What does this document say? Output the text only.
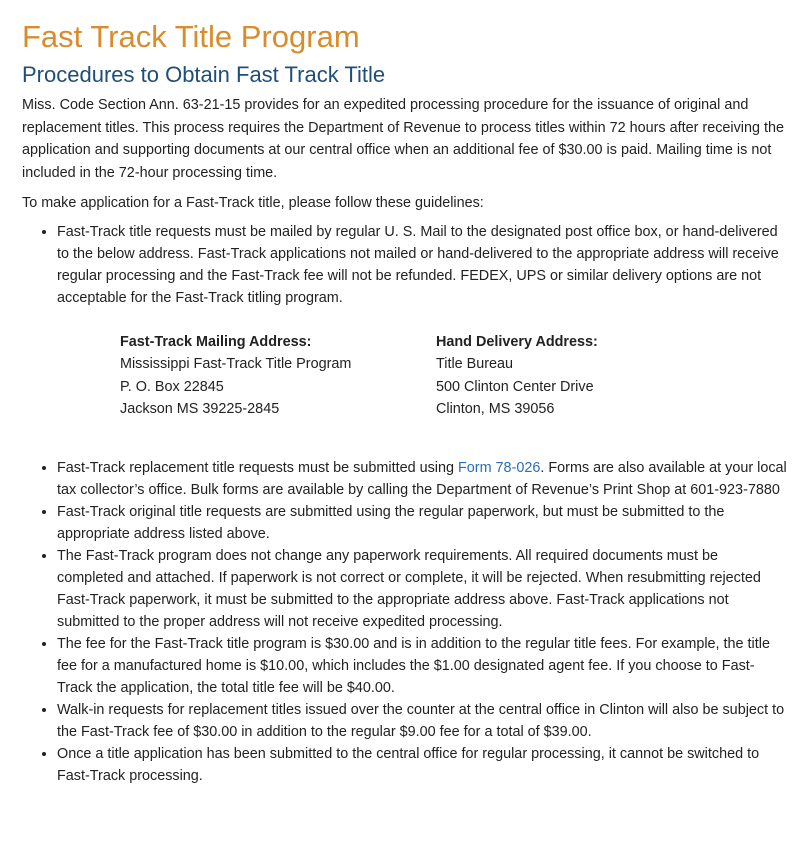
Fast Track Title Program
Procedures to Obtain Fast Track Title

Miss. Code Section Ann. 63-21-15 provides for an expedited processing procedure for the issuance of original and replacement titles. This process requires the Department of Revenue to process titles within 72 hours after receiving the application and supporting documents at our central office when an additional fee of $30.00 is paid. Mailing time is not included in the 72-hour processing time.

To make application for a Fast-Track title, please follow these guidelines:

• Fast-Track title requests must be mailed by regular U. S. Mail to the designated post office box, or hand-delivered to the below address. Fast-Track applications not mailed or hand-delivered to the appropriate address will receive regular processing and the Fast-Track fee will not be refunded. FEDEX, UPS or similar delivery options are not acceptable for the Fast-Track titling program.
Fast-Track Mailing Address:
Mississippi Fast-Track Title Program
P. O. Box 22845
Jackson MS 39225-2845
Hand Delivery Address:
Title Bureau
500 Clinton Center Drive
Clinton, MS 39056
• Fast-Track replacement title requests must be submitted using Form 78-026. Forms are also available at your local tax collector’s office. Bulk forms are available by calling the Department of Revenue’s Print Shop at 601-923-7880
• Fast-Track original title requests are submitted using the regular paperwork, but must be submitted to the appropriate address listed above.
• The Fast-Track program does not change any paperwork requirements. All required documents must be completed and attached. If paperwork is not correct or complete, it will be rejected. When resubmitting rejected Fast-Track paperwork, it must be submitted to the appropriate address above. Fast-Track applications not submitted to the proper address will not receive expedited processing.
• The fee for the Fast-Track title program is $30.00 and is in addition to the regular title fees. For example, the title fee for a manufactured home is $10.00, which includes the $1.00 designated agent fee. If you choose to Fast-Track the application, the total title fee will be $40.00.
• Walk-in requests for replacement titles issued over the counter at the central office in Clinton will also be subject to the Fast-Track fee of $30.00 in addition to the regular $9.00 fee for a total of $39.00.
• Once a title application has been submitted to the central office for regular processing, it cannot be switched to Fast-Track processing.
